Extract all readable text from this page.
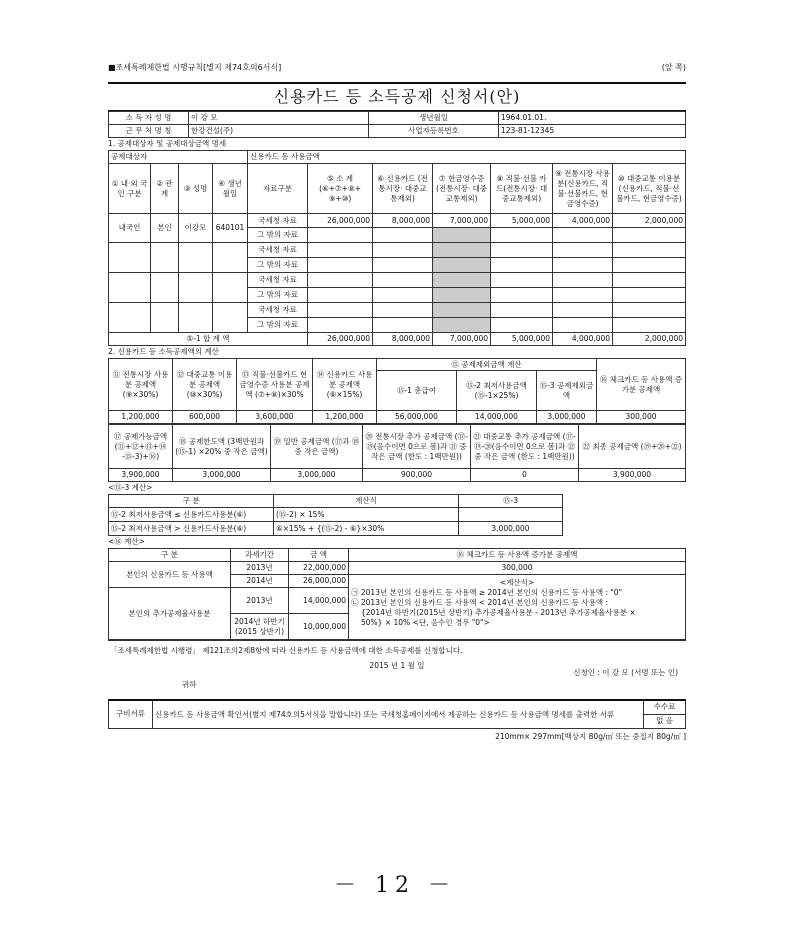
■조세특례제한법 시행규칙[별지 제74호의6서식]	(앞 쪽)
신용카드 등 소득공제 신청서(안)
소 득 자 성 명	이 강 모	생년월일	1964.01.01.
근 무 처 명 칭	한강건설(주)	사업자등록번호	123-81-12345
1. 공제대상자 및 공제대상금액 명세
공제대상자				신용카드 등 사용금액						
① 내·외 국인 구분	② 관계	③ 성명	④ 생년월일	자료구분	⑤ 소 계 (⑥+⑦+⑧+ ⑨+⑩)	⑥ 신용카드 (전통시장· 대중교통제외)	⑦ 현금영수증 (전통시장· 대중교통제외)	⑧ 직불·선불 카드(전통시장· 대중교통제외)	⑨ 전통시장 사용분(신용카드, 직불·선불카드, 현금영수증)	⑩ 대중교통 이용분(신용카드, 직불·선불카드, 현금영수증)
내국인	본인	이강모	640101	국세청 자료	26,000,000	8,000,000	7,000,000	5,000,000	4,000,000	2,000,000
				그 밖의 자료						
				국세청 자료						
				그 밖의 자료						
				국세청 자료						
				그 밖의 자료						
				국세청 자료						
				그 밖의 자료						
⑤-1 합 계 액					26,000,000	8,000,000	7,000,000	5,000,000	4,000,000	2,000,000
2. 신용카드 등 소득공제액의 계산
⑪ 전통시장 사용분 공제액 (⑨×30%)	⑫ 대중교통 이용분 공제액 (⑩×30%)	⑬ 직불·선불카드 현금영수증 사용분 공제액 (⑦+⑧)×30%	⑭ 신용카드 사용분 공제액 (⑥×15%)	⑮ 공제제외금액 계산			⑯ 체크카드 등 사용액 증가분 공제액
				⑮-1 총급여	⑮-2 최저사용금액 (⑮-1×25%)	⑮-3 공제제외금액	
1,200,000	600,000	3,600,000	1,200,000	56,000,000	14,000,000	3,000,000	300,000
⑰ 공제가능금액 (⑪+⑫+⑬+⑭ -⑮-3)+⑯)	⑱ 공제한도액 (3백만원과 (⑮-1) ×20% 중 작은 금액)	⑲ 일반 공제금액 (⑰과 ⑱ 중 작은 금액)	⑳ 전통시장 추가 공제금액 (⑰-⑲(음수이면 0으로 봄)과 ⑪ 중 작은 금액 (한도 : 1백만원))	㉑ 대중교통 추가 공제금액 (⑰-⑲-⑳(음수이면 0으로 봄)과 ⑫ 중 작은 금액 (한도 : 1백만원))	㉒ 최종 공제금액 (⑲+⑳+㉑)
3,900,000	3,000,000	3,000,000	900,000	0	3,900,000
<⑮-3 계산>
구 분	계산식	⑮-3
⑮-2 최저사용금액 ≤ 신용카드사용분(⑥)	(⑮-2) × 15%	
⑮-2 최저사용금액 > 신용카드사용분(⑥)	⑥×15% + {(⑮-2) - ⑥}×30%	3,000,000
<⑯ 계산>
구 분	과세기간	금 액	⑯ 체크카드 등 사용액 증가분 공제액
본인의 신용카드 등 사용액	2013년	22,000,000	300,000
	2014년	26,000,000	<계산식>
㉠ 2013년 본인의 신용카드 등 사용액 ≥ 2014년 본인의 신용카드 등 사용액 : "0"
㉡ 2013년 본인의 신용카드 등 사용액 < 2014년 본인의 신용카드 등 사용액 :
{2014년 하반기(2015년 상반기) 추가공제율사용분 - 2013년 추가공제율사용분 ×
50%} × 10% <단, 음수인 경우 "0">

본인의 추가공제율사용분	2013년	14,000,000	
	2014년 하반기 (2015 상반기)	10,000,000	
「조세특례제한법 시행령」 제121조의2제8항에 따라 신용카드 등 사용금액에 대한 소득공제를 신청합니다.
2015 년 1 월 일
신청인 : 이 강 모 (서명 또는 인)
귀하
구비서류	신용카드 등 사용금액 확인서(별지 제74호의5서식을 말합니다) 또는 국세청홈페이지에서 제공하는 신용카드 등 사용금액 명세를 출력한 서류	수수료
없 음
210mm× 297mm[백상지 80g/㎡ 또는 중질지 80g/㎡ ]
－ 12 －
